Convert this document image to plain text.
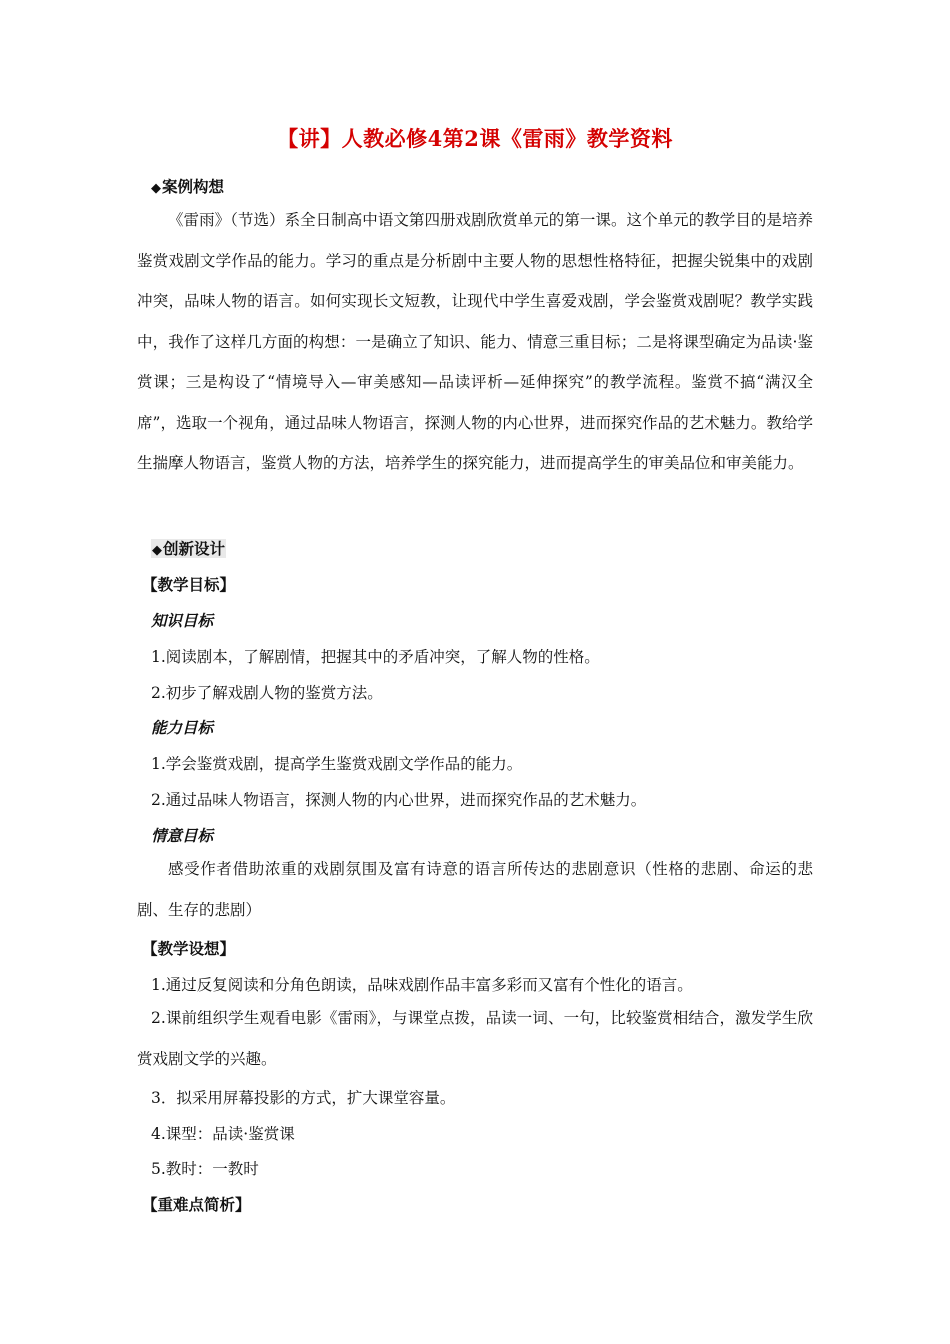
【讲】人教必修4第2课《雷雨》教学资料
◆案例构想

《雷雨》（节选）系全日制高中语文第四册戏剧欣赏单元的第一课。这个单元的教学目的是培养鉴赏戏剧文学作品的能力。学习的重点是分析剧中主要人物的思想性格特征，把握尖锐集中的戏剧冲突，品味人物的语言。如何实现长文短教，让现代中学生喜爱戏剧，学会鉴赏戏剧呢？教学实践中，我作了这样几方面的构想：一是确立了知识、能力、情意三重目标；二是将课型确定为品读·鉴赏课；三是构设了“情境导入—审美感知—品读评析—延伸探究”的教学流程。鉴赏不搞“满汉全席”，选取一个视角，通过品味人物语言，探测人物的内心世界，进而探究作品的艺术魅力。教给学生揣摩人物语言，鉴赏人物的方法，培养学生的探究能力，进而提高学生的审美品位和审美能力。

◆创新设计
【教学目标】
知识目标
1.阅读剧本，了解剧情，把握其中的矛盾冲突，了解人物的性格。
2.初步了解戏剧人物的鉴赏方法。
能力目标
1.学会鉴赏戏剧，提高学生鉴赏戏剧文学作品的能力。
2.通过品味人物语言，探测人物的内心世界，进而探究作品的艺术魅力。
情意目标

感受作者借助浓重的戏剧氛围及富有诗意的语言所传达的悲剧意识（性格的悲剧、命运的悲剧、生存的悲剧）

【教学设想】
1.通过反复阅读和分角色朗读，品味戏剧作品丰富多彩而又富有个性化的语言。

2.课前组织学生观看电影《雷雨》，与课堂点拨，品读一词、一句，比较鉴赏相结合，激发学生欣赏戏剧文学的兴趣。

3．拟采用屏幕投影的方式，扩大课堂容量。
4.课型：品读·鉴赏课
5.教时：一教时
【重难点简析】
